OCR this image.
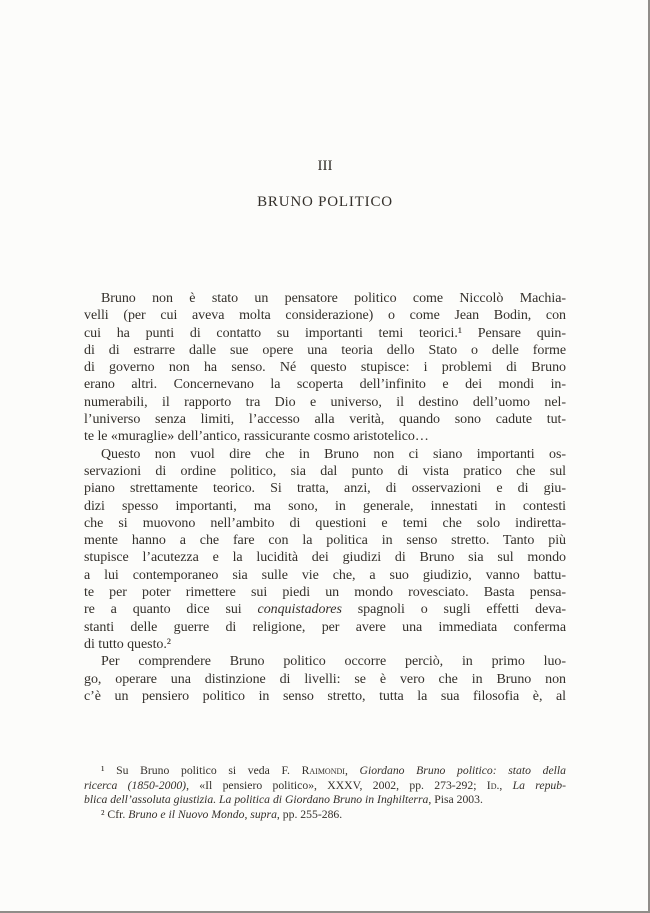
III
BRUNO POLITICO
Bruno non è stato un pensatore politico come Niccolò Machia-
velli (per cui aveva molta considerazione) o come Jean Bodin, con
cui ha punti di contatto su importanti temi teorici.¹ Pensare quin-
di di estrarre dalle sue opere una teoria dello Stato o delle forme
di governo non ha senso. Né questo stupisce: i problemi di Bruno
erano altri. Concernevano la scoperta dell’infinito e dei mondi in-
numerabili, il rapporto tra Dio e universo, il destino dell’uomo nel-
l’universo senza limiti, l’accesso alla verità, quando sono cadute tut-
te le «muraglie» dell’antico, rassicurante cosmo aristotelico…
Questo non vuol dire che in Bruno non ci siano importanti os-
servazioni di ordine politico, sia dal punto di vista pratico che sul
piano strettamente teorico. Si tratta, anzi, di osservazioni e di giu-
dizi spesso importanti, ma sono, in generale, innestati in contesti
che si muovono nell’ambito di questioni e temi che solo indiretta-
mente hanno a che fare con la politica in senso stretto. Tanto più
stupisce l’acutezza e la lucidità dei giudizi di Bruno sia sul mondo
a lui contemporaneo sia sulle vie che, a suo giudizio, vanno battu-
te per poter rimettere sui piedi un mondo rovesciato. Basta pensa-
re a quanto dice sui conquistadores spagnoli o sugli effetti deva-
stanti delle guerre di religione, per avere una immediata conferma
di tutto questo.²
Per comprendere Bruno politico occorre perciò, in primo luo-
go, operare una distinzione di livelli: se è vero che in Bruno non
c’è un pensiero politico in senso stretto, tutta la sua filosofia è, al
¹ Su Bruno politico si veda F. Raimondi, Giordano Bruno politico: stato della
ricerca (1850-2000), «Il pensiero politico», XXXV, 2002, pp. 273-292; Id., La repub-
blica dell’assoluta giustizia. La politica di Giordano Bruno in Inghilterra, Pisa 2003.
² Cfr. Bruno e il Nuovo Mondo, supra, pp. 255-286.
